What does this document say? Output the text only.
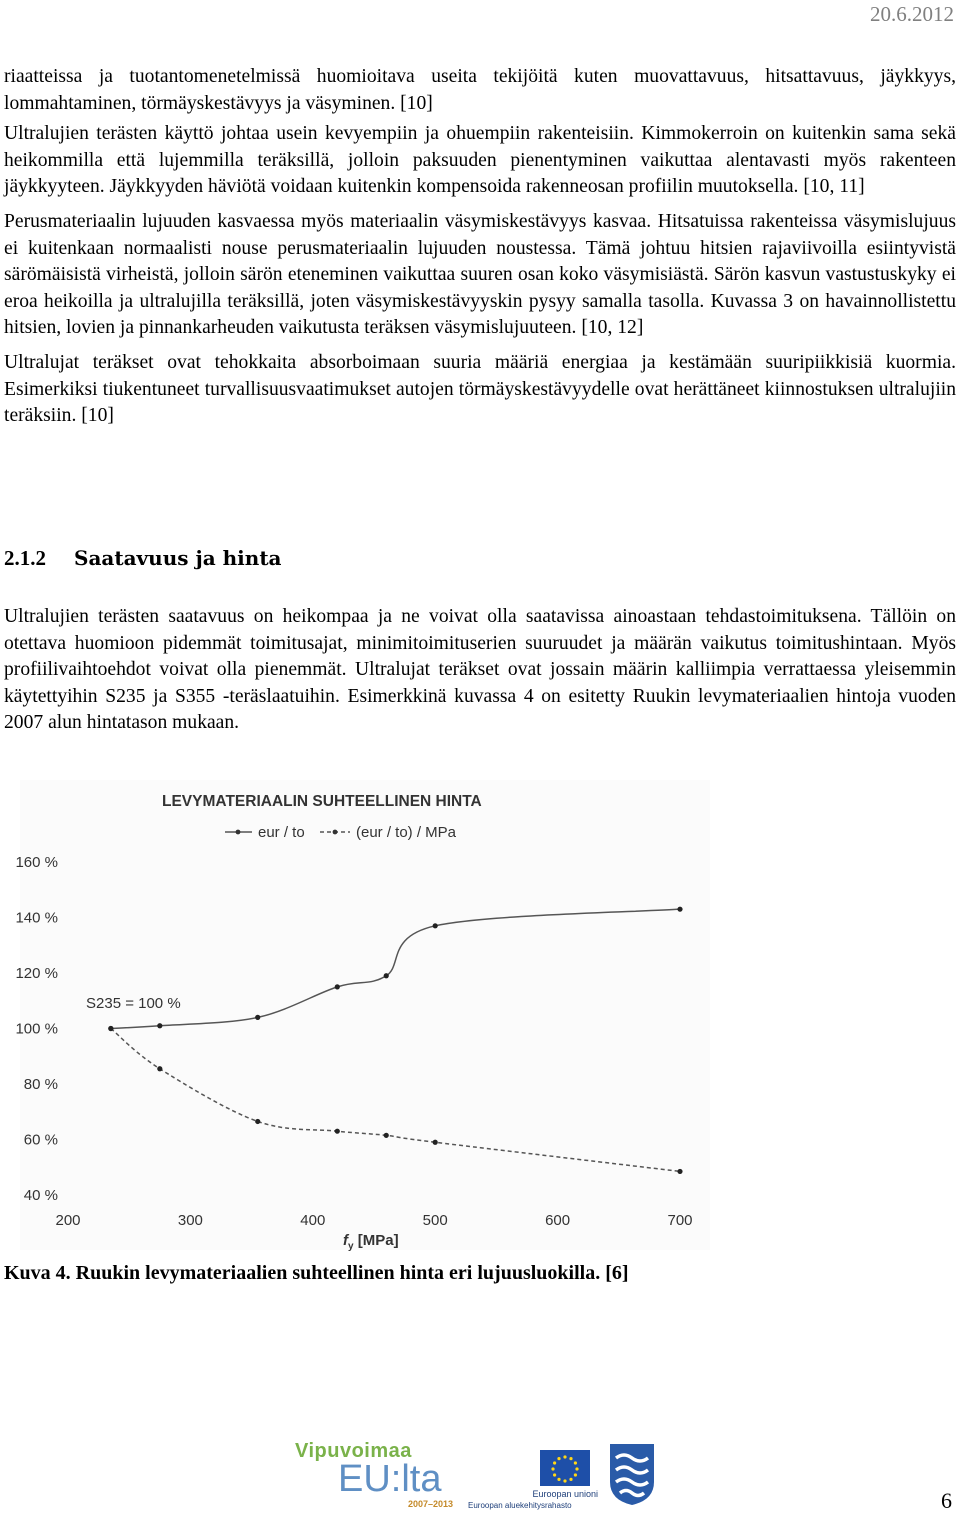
20.6.2012

riaatteissa ja tuotantomenetelmissä huomioitava useita tekijöitä kuten muovattavuus, hitsattavuus, jäykkyys, lommahtaminen, törmäyskestävyys ja väsyminen. [10]

Ultralujien terästen käyttö johtaa usein kevyempiin ja ohuempiin rakenteisiin. Kimmokerroin on kuitenkin sama sekä heikommilla että lujemmilla teräksillä, jolloin paksuuden pienentyminen vaikuttaa alentavasti myös rakenteen jäykkyyteen. Jäykkyyden häviötä voidaan kuitenkin kompensoida rakenneosan profiilin muutoksella. [10, 11]

Perusmateriaalin lujuuden kasvaessa myös materiaalin väsymiskestävyys kasvaa. Hitsatuissa rakenteissa väsymislujuus ei kuitenkaan normaalisti nouse perusmateriaalin lujuuden noustessa. Tämä johtuu hitsien rajaviivoilla esiintyvistä särömäisistä virheistä, jolloin särön eteneminen vaikuttaa suuren osan koko väsymisiästä. Särön kasvun vastustuskyky ei eroa heikoilla ja ultralujilla teräksillä, joten väsymiskestävyyskin pysyy samalla tasolla. Kuvassa 3 on havainnollistettu hitsien, lovien ja pinnankarheuden vaikutusta teräksen väsymislujuuteen. [10, 12]

Ultralujat teräkset ovat tehokkaita absorboimaan suuria määriä energiaa ja kestämään suuripiikkisiä kuormia. Esimerkiksi tiukentuneet turvallisuusvaatimukset autojen törmäyskestävyydelle ovat herättäneet kiinnostuksen ultralujiin teräksiin. [10]

2.1.2 Saatavuus ja hinta

Ultralujien terästen saatavuus on heikompaa ja ne voivat olla saatavissa ainoastaan tehdastoimituksena. Tällöin on otettava huomioon pidemmät toimitusajat, minimitoimituserien suuruudet ja määrän vaikutus toimitushintaan. Myös profiilivaihtoehdot voivat olla pienemmät. Ultralujat teräkset ovat jossain määrin kalliimpia verrattaessa yleisemmin käytettyihin S235 ja S355 -teräslaatuihin. Esimerkkinä kuvassa 4 on esitetty Ruukin levymateriaalien hintoja vuoden 2007 alun hintatason mukaan.

LEVYMATERIAALIN SUHTEELLINEN HINTA
eur / to	(eur / to) / MPa
40 %
60 %
80 %
100 %
120 %
140 %
160 %
200	300	400	500	600	700
$f_y$ [MPa]
S235 = 100 %
Kuva 4. Ruukin levymateriaalien suhteellinen hinta eri lujuusluokilla. [6]
Vipuvoimaa
EU:lta
2007–2013
Euroopan unioni
Euroopan aluekehitysrahasto	6
